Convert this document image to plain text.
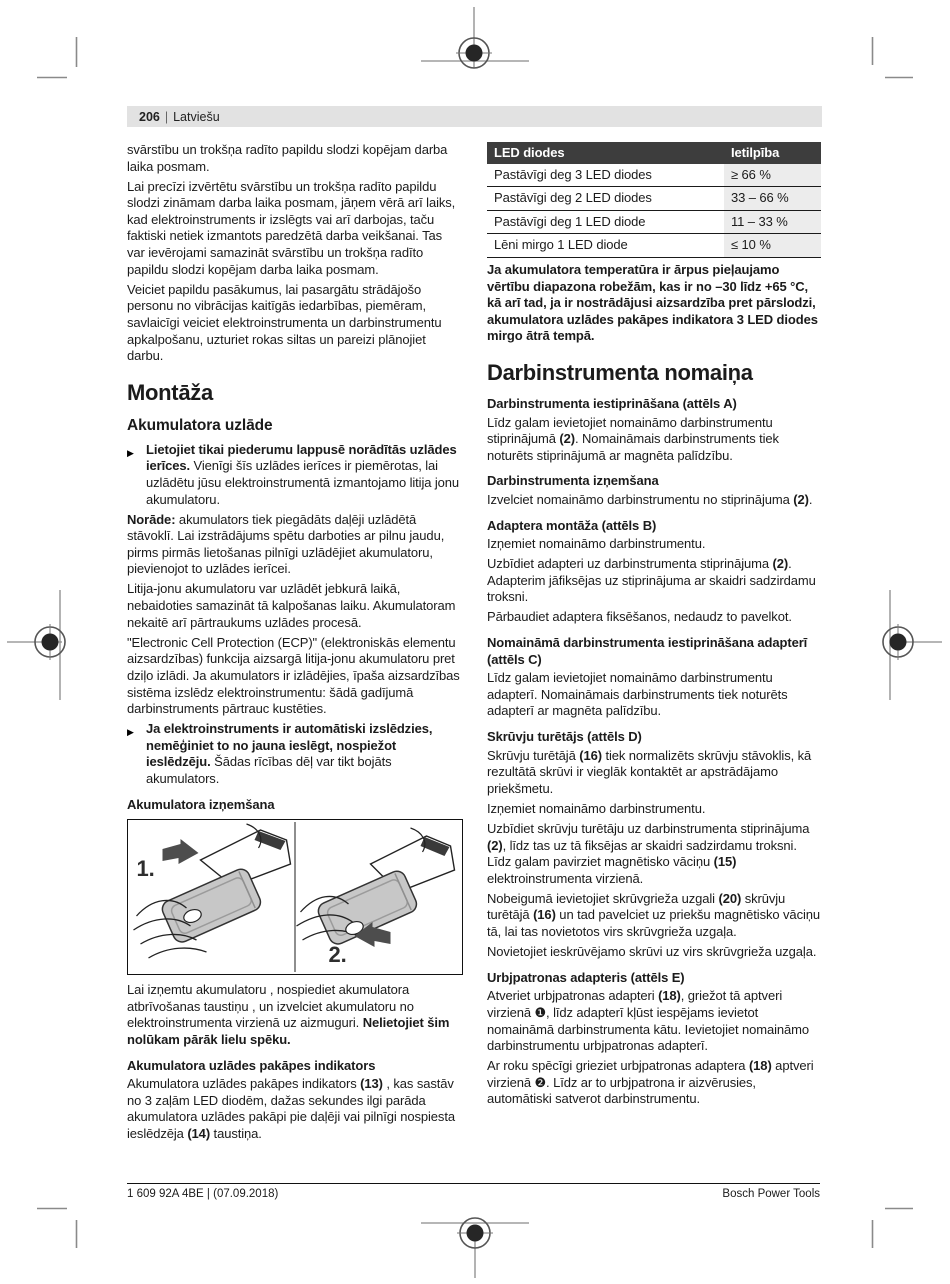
206 | Latviešu
svārstību un trokšņa radīto papildu slodzi kopējam darba laika posmam.
Lai precīzi izvērtētu svārstību un trokšņa radīto papildu slodzi zināmam darba laika posmam, jāņem vērā arī laiks, kad elektroinstruments ir izslēgts vai arī darbojas, taču faktiski netiek izmantots paredzētā darba veikšanai. Tas var ievērojami samazināt svārstību un trokšņa radīto papildu slodzi kopējam darba laika posmam.
Veiciet papildu pasākumus, lai pasargātu strādājošo personu no vibrācijas kaitīgās iedarbības, piemēram, savlaicīgi veiciet elektroinstrumenta un darbinstrumentu apkalpošanu, uzturiet rokas siltas un pareizi plānojiet darbu.
Montāža
Akumulatora uzlāde
▶ Lietojiet tikai piederumu lappusē norādītās uzlādes ierīces. Vienīgi šīs uzlādes ierīces ir piemērotas, lai uzlādētu jūsu elektroinstrumentā izmantojamo litija jonu akumulatoru.
Norāde: akumulators tiek piegādāts daļēji uzlādētā stāvoklī. Lai izstrādājums spētu darboties ar pilnu jaudu, pirms pirmās lietošanas pilnīgi uzlādējiet akumulatoru, pievienojot to uzlādes ierīcei.
Litija-jonu akumulatoru var uzlādēt jebkurā laikā, nebaidoties samazināt tā kalpošanas laiku. Akumulatoram nekaitē arī pārtraukums uzlādes procesā.
"Electronic Cell Protection (ECP)" (elektroniskās elementu aizsardzības) funkcija aizsargā litija-jonu akumulatoru pret dziļo izlādi. Ja akumulators ir izlādējies, īpaša aizsardzības sistēma izslēdz elektroinstrumentu: šādā gadījumā darbinstruments pārtrauc kustēties.
▶ Ja elektroinstruments ir automātiski izslēdzies, nemēģiniet to no jauna ieslēgt, nospiežot ieslēdzēju. Šādas rīcības dēļ var tikt bojāts akumulators.
Akumulatora izņemšana
1.
2.
Lai izņemtu akumulatoru , nospiediet akumulatora atbrīvošanas taustiņu , un izvelciet akumulatoru no elektroinstrumenta virzienā uz aizmuguri. Nelietojiet šim nolūkam pārāk lielu spēku.
Akumulatora uzlādes pakāpes indikators
Akumulatora uzlādes pakāpes indikators (13) , kas sastāv no 3 zaļām LED diodēm, dažas sekundes ilgi parāda akumulatora uzlādes pakāpi pie daļēji vai pilnīgi nospiesta ieslēdzēja (14) taustiņa.
LED diodes	Ietilpība
Pastāvīgi deg 3 LED diodes	≥ 66 %
Pastāvīgi deg 2 LED diodes	33 – 66 %
Pastāvīgi deg 1 LED diode	11 – 33 %
Lēni mirgo 1 LED diode	≤ 10 %
Ja akumulatora temperatūra ir ārpus pieļaujamo vērtību diapazona robežām, kas ir no –30 līdz +65 °C, kā arī tad, ja ir nostrādājusi aizsardzība pret pārslodzi, akumulatora uzlādes pakāpes indikatora 3 LED diodes mirgo ātrā tempā.
Darbinstrumenta nomaiņa
Darbinstrumenta iestiprināšana (attēls A)
Līdz galam ievietojiet nomaināmo darbinstrumentu stiprinājumā (2). Nomaināmais darbinstruments tiek noturēts stiprinājumā ar magnēta palīdzību.
Darbinstrumenta izņemšana
Izvelciet nomaināmo darbinstrumentu no stiprinājuma (2).
Adaptera montāža (attēls B)
Izņemiet nomaināmo darbinstrumentu.
Uzbīdiet adapteri uz darbinstrumenta stiprinājuma (2). Adapterim jāfiksējas uz stiprinājuma ar skaidri sadzirdamu troksni.
Pārbaudiet adaptera fiksēšanos, nedaudz to pavelkot.
Nomaināmā darbinstrumenta iestiprināšana adapterī (attēls C)
Līdz galam ievietojiet nomaināmo darbinstrumentu adapterī. Nomaināmais darbinstruments tiek noturēts adapterī ar magnēta palīdzību.
Skrūvju turētājs (attēls D)
Skrūvju turētājā (16) tiek normalizēts skrūvju stāvoklis, kā rezultātā skrūvi ir vieglāk kontaktēt ar apstrādājamo priekšmetu.
Izņemiet nomaināmo darbinstrumentu.
Uzbīdiet skrūvju turētāju uz darbinstrumenta stiprinājuma (2), līdz tas uz tā fiksējas ar skaidri sadzirdamu troksni. Līdz galam pavirziet magnētisko vāciņu (15) elektroinstrumenta virzienā.
Nobeigumā ievietojiet skrūvgrieža uzgali (20) skrūvju turētājā (16) un tad pavelciet uz priekšu magnētisko vāciņu tā, lai tas novietotos virs skrūvgrieža uzgaļa.
Novietojiet ieskrūvējamo skrūvi uz virs skrūvgrieža uzgaļa.
Urbjpatronas adapteris (attēls E)
Atveriet urbjpatronas adapteri (18), griežot tā aptveri virzienā ❶, līdz adapterī kļūst iespējams ievietot nomaināmā darbinstrumenta kātu. Ievietojiet nomaināmo darbinstrumentu urbjpatronas adapterī.
Ar roku spēcīgi grieziet urbjpatronas adaptera (18) aptveri virzienā ❷. Līdz ar to urbjpatrona ir aizvērusies, automātiski satverot darbinstrumentu.
1 609 92A 4BE | (07.09.2018)	Bosch Power Tools
